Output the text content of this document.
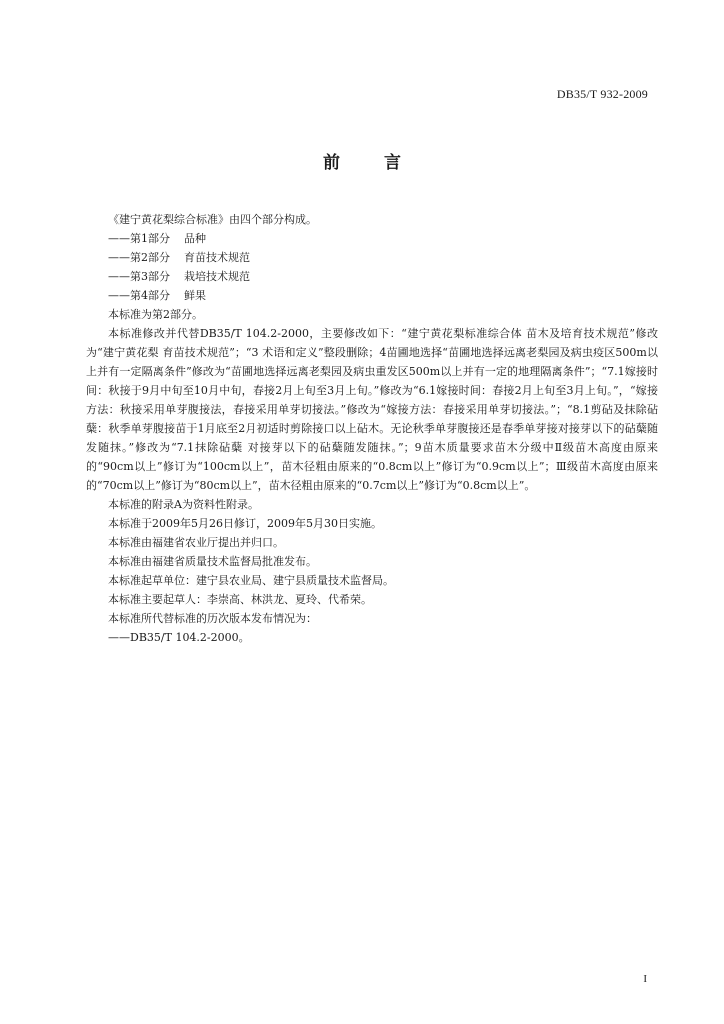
DB35/T 932-2009
前	言

《建宁黄花梨综合标准》由四个部分构成。

——第1部分 品种
——第2部分 育苗技术规范
——第3部分 栽培技术规范
——第4部分 鲜果

本标准为第2部分。

本标准修改并代替DB35/T 104.2-2000，主要修改如下：“建宁黄花梨标准综合体 苗木及培育技术规范”修改为“建宁黄花梨 育苗技术规范”；“3 术语和定义”整段删除；4苗圃地选择“苗圃地选择远离老梨园及病虫疫区500m以上并有一定隔离条件”修改为“苗圃地选择远离老梨园及病虫重发区500m以上并有一定的地理隔离条件”；“7.1嫁接时间：秋接于9月中旬至10月中旬，春接2月上旬至3月上旬。”修改为“6.1嫁接时间：春接2月上旬至3月上旬。”，“嫁接方法：秋接采用单芽腹接法，春接采用单芽切接法。”修改为“嫁接方法：春接采用单芽切接法。”；“8.1剪砧及抹除砧蘖：秋季单芽腹接苗于1月底至2月初适时剪除接口以上砧木。无论秋季单芽腹接还是春季单芽接对接芽以下的砧蘖随发随抹。”修改为“7.1抹除砧蘖 对接芽以下的砧蘖随发随抹。”；9苗木质量要求苗木分级中Ⅱ级苗木高度由原来的“90cm以上”修订为“100cm以上”，苗木径粗由原来的“0.8cm以上”修订为“0.9cm以上”；Ⅲ级苗木高度由原来的“70cm以上”修订为“80cm以上”，苗木径粗由原来的“0.7cm以上”修订为“0.8cm以上”。

本标准的附录A为资料性附录。

本标准于2009年5月26日修订，2009年5月30日实施。

本标准由福建省农业厅提出并归口。

本标准由福建省质量技术监督局批准发布。

本标准起草单位：建宁县农业局、建宁县质量技术监督局。

本标准主要起草人：李崇高、林洪龙、夏玲、代希荣。

本标准所代替标准的历次版本发布情况为：

——DB35/T 104.2-2000。

I
